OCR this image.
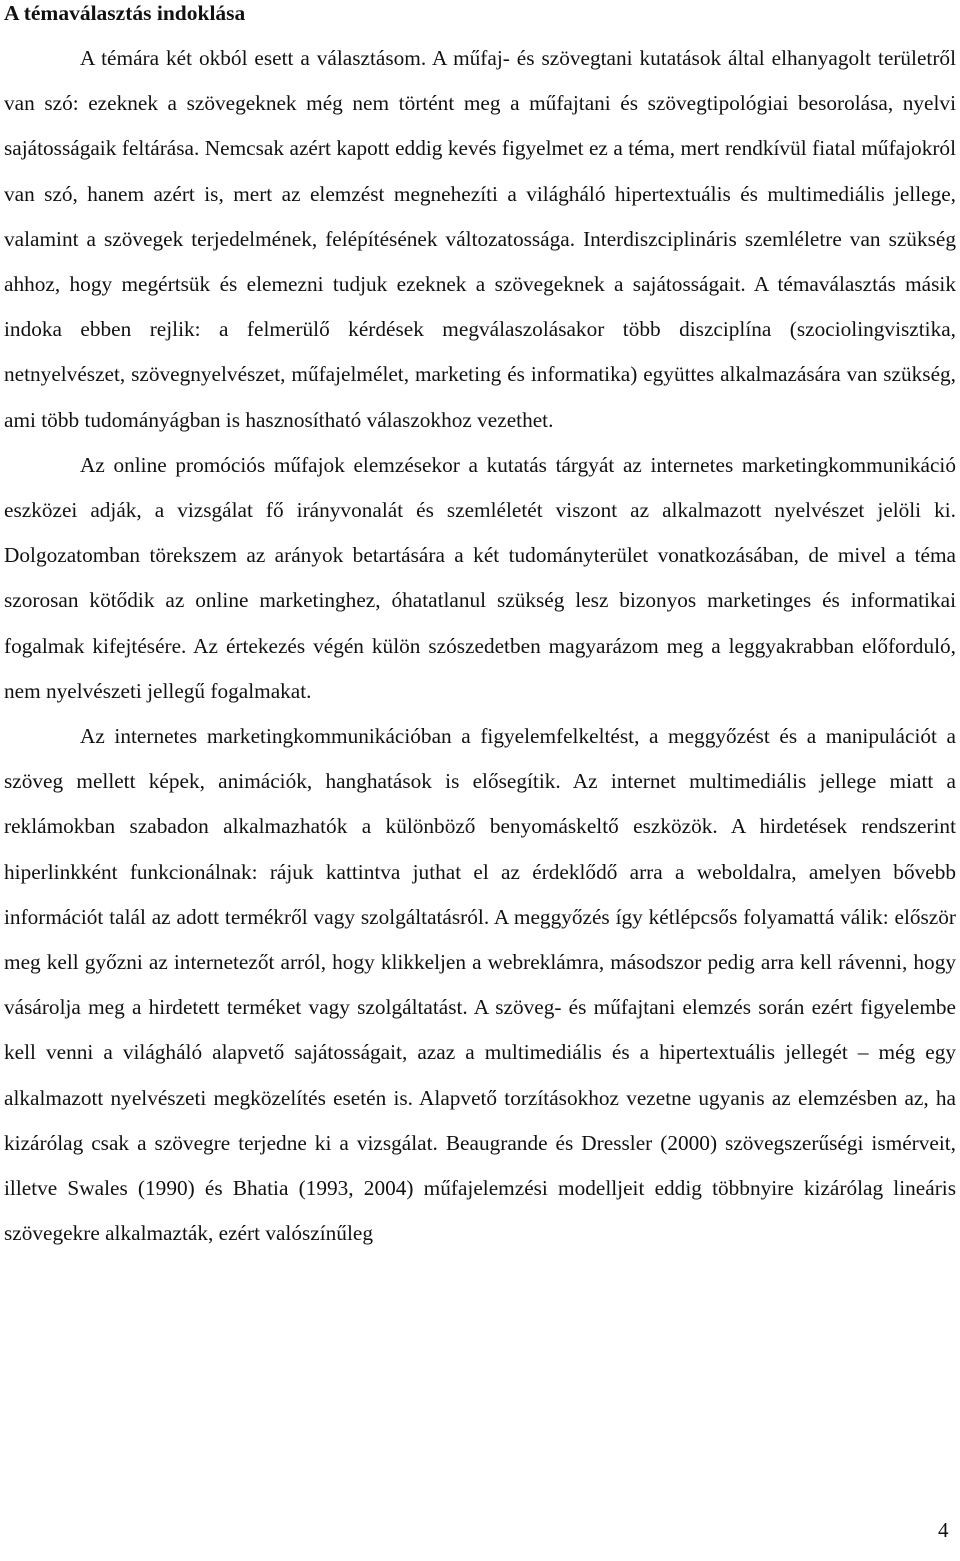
A témaválasztás indoklása

A témára két okból esett a választásom. A műfaj- és szövegtani kutatások által elhanyagolt területről van szó: ezeknek a szövegeknek még nem történt meg a műfajtani és szövegtipológiai besorolása, nyelvi sajátosságaik feltárása. Nemcsak azért kapott eddig kevés figyelmet ez a téma, mert rendkívül fiatal műfajokról van szó, hanem azért is, mert az elemzést megnehezíti a világháló hipertextuális és multimediális jellege, valamint a szövegek terjedelmének, felépítésének változatossága. Interdiszciplináris szemléletre van szükség ahhoz, hogy megértsük és elemezni tudjuk ezeknek a szövegeknek a sajátosságait. A témaválasztás másik indoka ebben rejlik: a felmerülő kérdések megválaszolásakor több diszciplína (szociolingvisztika, netnyelvészet, szövegnyelvészet, műfajelmélet, marketing és informatika) együttes alkalmazására van szükség, ami több tudományágban is hasznosítható válaszokhoz vezethet.

Az online promóciós műfajok elemzésekor a kutatás tárgyát az internetes marketingkommunikáció eszközei adják, a vizsgálat fő irányvonalát és szemléletét viszont az alkalmazott nyelvészet jelöli ki. Dolgozatomban törekszem az arányok betartására a két tudományterület vonatkozásában, de mivel a téma szorosan kötődik az online marketinghez, óhatatlanul szükség lesz bizonyos marketinges és informatikai fogalmak kifejtésére. Az értekezés végén külön szószedetben magyarázom meg a leggyakrabban előforduló, nem nyelvészeti jellegű fogalmakat.

Az internetes marketingkommunikációban a figyelemfelkeltést, a meggyőzést és a manipulációt a szöveg mellett képek, animációk, hanghatások is elősegítik. Az internet multimediális jellege miatt a reklámokban szabadon alkalmazhatók a különböző benyomáskeltő eszközök. A hirdetések rendszerint hiperlinkként funkcionálnak: rájuk kattintva juthat el az érdeklődő arra a weboldalra, amelyen bővebb információt talál az adott termékről vagy szolgáltatásról. A meggyőzés így kétlépcsős folyamattá válik: először meg kell győzni az internetezőt arról, hogy klikkeljen a webreklámra, másodszor pedig arra kell rávenni, hogy vásárolja meg a hirdetett terméket vagy szolgáltatást. A szöveg- és műfajtani elemzés során ezért figyelembe kell venni a világháló alapvető sajátosságait, azaz a multimediális és a hipertextuális jellegét – még egy alkalmazott nyelvészeti megközelítés esetén is. Alapvető torzításokhoz vezetne ugyanis az elemzésben az, ha kizárólag csak a szövegre terjedne ki a vizsgálat. Beaugrande és Dressler (2000) szövegszerűségi ismérveit, illetve Swales (1990) és Bhatia (1993, 2004) műfajelemzési modelljeit eddig többnyire kizárólag lineáris szövegekre alkalmazták, ezért valószínűleg

4
